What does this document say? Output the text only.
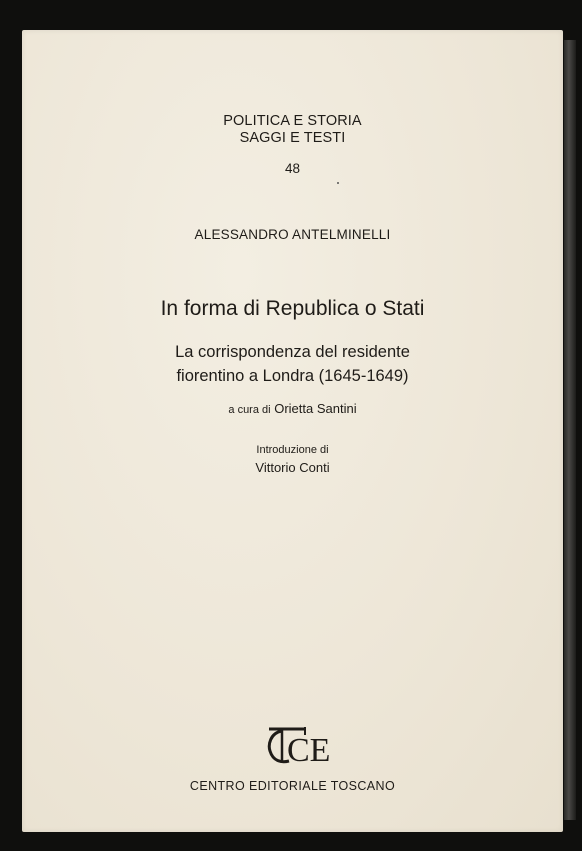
POLITICA E STORIA
SAGGI E TESTI
48
ALESSANDRO ANTELMINELLI
In forma di Republica o Stati
La corrispondenza del residente
fiorentino a Londra (1645-1649)
a cura di Orietta Santini
Introduzione di
Vittorio Conti
CE
CENTRO EDITORIALE TOSCANO
